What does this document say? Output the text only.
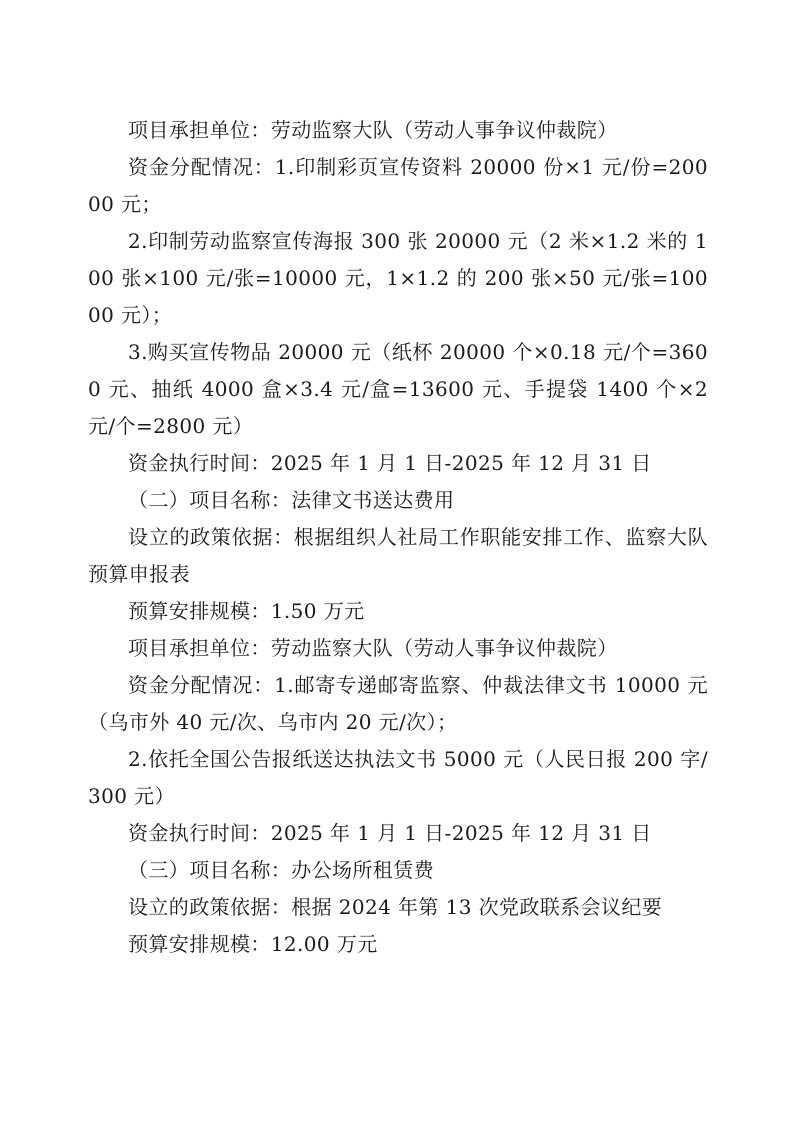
项目承担单位：劳动监察大队（劳动人事争议仲裁院）

资金分配情况：1.印制彩页宣传资料 20000 份×1 元/份=20000 元；

2.印制劳动监察宣传海报 300 张 20000 元（2 米×1.2 米的 100 张×100 元/张=10000 元，1×1.2 的 200 张×50 元/张=10000 元）；

3.购买宣传物品 20000 元（纸杯 20000 个×0.18 元/个=3600 元、抽纸 4000 盒×3.4 元/盒=13600 元、手提袋 1400 个×2 元/个=2800 元）

资金执行时间：2025 年 1 月 1 日-2025 年 12 月 31 日

（二）项目名称：法律文书送达费用

设立的政策依据：根据组织人社局工作职能安排工作、监察大队预算申报表

预算安排规模：1.50 万元

项目承担单位：劳动监察大队（劳动人事争议仲裁院）

资金分配情况：1.邮寄专递邮寄监察、仲裁法律文书 10000 元（乌市外 40 元/次、乌市内 20 元/次）；

2.依托全国公告报纸送达执法文书 5000 元（人民日报 200 字/300 元）

资金执行时间：2025 年 1 月 1 日-2025 年 12 月 31 日

（三）项目名称：办公场所租赁费

设立的政策依据：根据 2024 年第 13 次党政联系会议纪要

预算安排规模：12.00 万元
